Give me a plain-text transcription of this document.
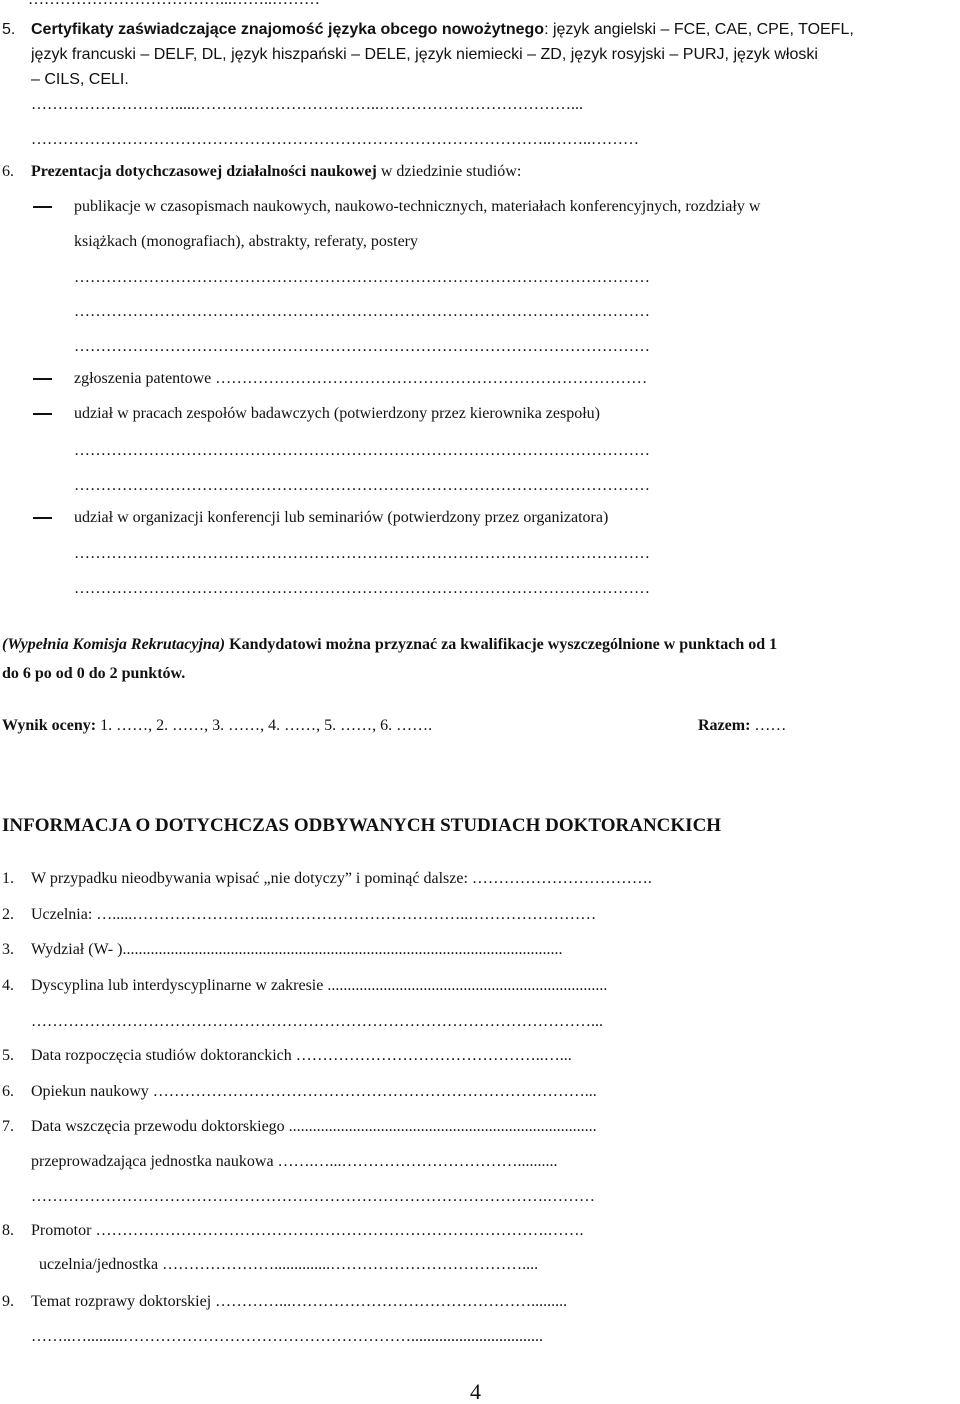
5. Certyfikaty zaświadczające znajomość języka obcego nowożytnego: język angielski – FCE, CAE, CPE, TOEFL,
język francuski – DELF, DL, język hiszpański – DELE, język niemiecki – ZD, język rosyjski – PURJ, język włoski
– CILS, CELI.
……………………….....……………………………..………………………………...
……………………………………………………………………………………..……..………
6. Prezentacja dotychczasowej działalności naukowej w dziedzinie studiów:
publikacje w czasopismach naukowych, naukowo-technicznych, materiałach konferencyjnych, rozdziały w
książkach (monografiach), abstrakty, referaty, postery
………………………………………………………………………………………………
………………………………………………………………………………………………
………………………………………………………………………………………………
zgłoszenia patentowe ………………………………………………………………………
udział w pracach zespołów badawczych (potwierdzony przez kierownika zespołu)
………………………………………………………………………………………………
………………………………………………………………………………………………
udział w organizacji konferencji lub seminariów (potwierdzony przez organizatora)
………………………………………………………………………………………………
………………………………………………………………………………………………
(Wypełnia Komisja Rekrutacyjna) Kandydatowi można przyznać za kwalifikacje wyszczególnione w punktach od 1
do 6 po od 0 do 2 punktów.
Wynik oceny: 1. ……, 2. ……, 3. ……, 4. ……, 5. ……, 6. …….	Razem: ……
INFORMACJA O DOTYCHCZAS ODBYWANYCH STUDIACH DOKTORANCKICH
1. W przypadku nieodbywania wpisać „nie dotyczy” i pominąć dalsze: …………………………….
2. Uczelnia: ….....……………………..………………………………..……………………
3. Wydział (W- )..............................................................................................................
4. Dyscyplina lub interdyscyplinarne w zakresie ......................................................................
……………………………………………………………………………………………...
5. Data rozpoczęcia studiów doktoranckich ………………………………………..…...
6. Opiekun naukowy ………………………………………………………………………...
7. Data wszczęcia przewodu doktorskiego .............................................................................
przeprowadzająca jednostka naukowa …….…...……………………………..........
…………………………………………………………………………………….………
8. Promotor ………………………………………………………………………….…….
uczelnia/jednostka …………………..............………………………………....
9. Temat rozprawy doktorskiej …………...……………………………………….........
……..….........……………………………………………….................................
4
